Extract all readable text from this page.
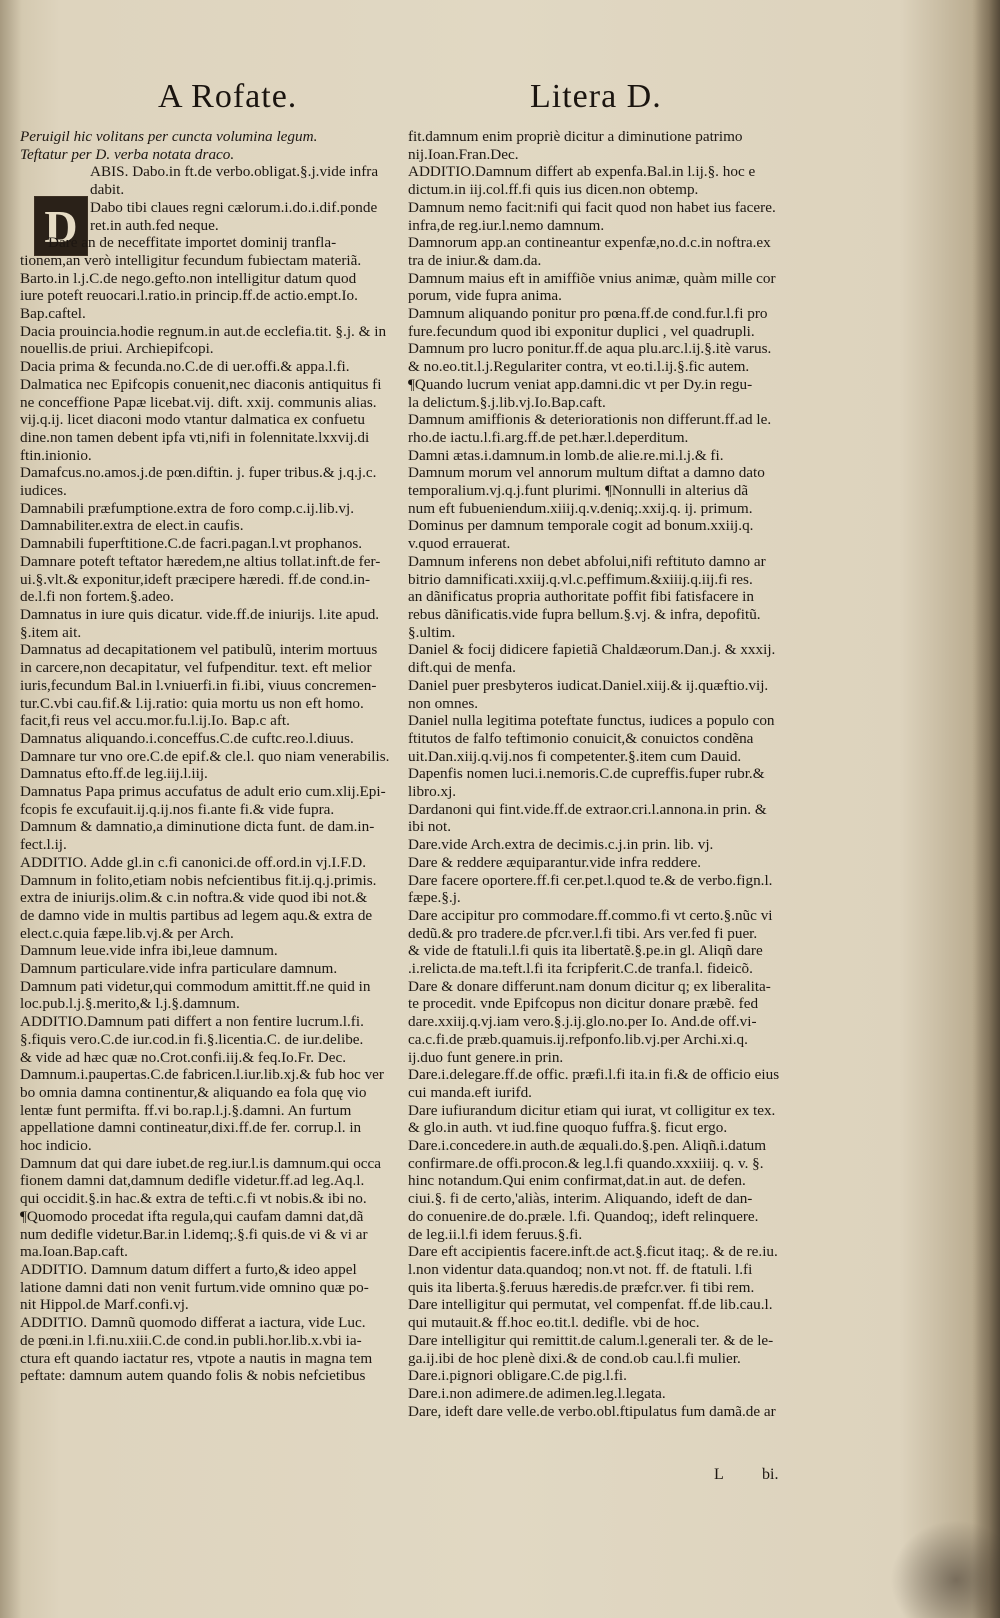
A Rofate.	Litera D.
D

Peruigil hic volitans per cuncta volumina legum.

Teftatur per D. verba notata draco.

ABIS. Dabo.in ft.de verbo.obligat.§.j.vide infra

dabit.

Dabo tibi claues regni cælorum.i.do.i.dif.ponde

ret.in auth.fed neque.

Dare an de neceffitate importet dominij tranfla-

tionem,an verò intelligitur fecundum fubiectam materiã.

Barto.in l.j.C.de nego.gefto.non intelligitur datum quod

iure poteft reuocari.l.ratio.in princip.ff.de actio.empt.Io.

Bap.caftel.

Dacia prouincia.hodie regnum.in aut.de ecclefia.tit. §.j. & in

nouellis.de priui. Archiepifcopi.

Dacia prima & fecunda.no.C.de di uer.offi.& appa.l.fi.

Dalmatica nec Epifcopis conuenit,nec diaconis antiquitus fi

ne conceffione Papæ licebat.vij. dift. xxij. communis alias.

vij.q.ij. licet diaconi modo vtantur dalmatica ex confuetu

dine.non tamen debent ipfa vti,nifi in folennitate.lxxvij.di

ftin.inionio.

Damafcus.no.amos.j.de pœn.diftin. j. fuper tribus.& j.q.j.c.

iudices.

Damnabili præfumptione.extra de foro comp.c.ij.lib.vj.

Damnabiliter.extra de elect.in caufis.

Damnabili fuperftitione.C.de facri.pagan.l.vt prophanos.

Damnare poteft teftator hæredem,ne altius tollat.inft.de fer-

ui.§.vlt.& exponitur,ideft præcipere hæredi. ff.de cond.in-

de.l.fi non fortem.§.adeo.

Damnatus in iure quis dicatur. vide.ff.de iniurijs. l.ite apud.

§.item ait.

Damnatus ad decapitationem vel patibulũ, interim mortuus

in carcere,non decapitatur, vel fufpenditur. text. eft melior

iuris,fecundum Bal.in l.vniuerfi.in fi.ibi, viuus concremen-

tur.C.vbi cau.fif.& l.ij.ratio: quia mortu us non eft homo.

facit,fi reus vel accu.mor.fu.l.ij.Io. Bap.c aft.

Damnatus aliquando.i.conceffus.C.de cuftc.reo.l.diuus.

Damnare tur vno ore.C.de epif.& cle.l. quo niam venerabilis.

Damnatus efto.ff.de leg.iij.l.iij.

Damnatus Papa primus accufatus de adult erio cum.xlij.Epi-

fcopis fe excufauit.ij.q.ij.nos fi.ante fi.& vide fupra.

Damnum & damnatio,a diminutione dicta funt. de dam.in-

fect.l.ij.

ADDITIO. Adde gl.in c.fi canonici.de off.ord.in vj.I.F.D.

Damnum in folito,etiam nobis nefcientibus fit.ij.q.j.primis.

extra de iniurijs.olim.& c.in noftra.& vide quod ibi not.&

de damno vide in multis partibus ad legem aqu.& extra de

elect.c.quia fæpe.lib.vj.& per Arch.

Damnum leue.vide infra ibi,leue damnum.

Damnum particulare.vide infra particulare damnum.

Damnum pati videtur,qui commodum amittit.ff.ne quid in

loc.pub.l.j.§.merito,& l.j.§.damnum.

ADDITIO.Damnum pati differt a non fentire lucrum.l.fi.

§.fiquis vero.C.de iur.cod.in fi.§.licentia.C. de iur.delibe.

& vide ad hæc quæ no.Crot.confi.iij.& feq.Io.Fr. Dec.

Damnum.i.paupertas.C.de fabricen.l.iur.lib.xj.& fub hoc ver

bo omnia damna continentur,& aliquando ea fola quę vio

lentæ funt permifta. ff.vi bo.rap.l.j.§.damni. An furtum

appellatione damni contineatur,dixi.ff.de fer. corrup.l. in

hoc indicio.

Damnum dat qui dare iubet.de reg.iur.l.is damnum.qui occa

fionem damni dat,damnum dedifle videtur.ff.ad leg.Aq.l.

qui occidit.§.in hac.& extra de tefti.c.fi vt nobis.& ibi no.

¶Quomodo procedat ifta regula,qui caufam damni dat,dã

num dedifle videtur.Bar.in l.idemq;.§.fi quis.de vi & vi ar

ma.Ioan.Bap.caft.

ADDITIO. Damnum datum differt a furto,& ideo appel

latione damni dati non venit furtum.vide omnino quæ po-

nit Hippol.de Marf.confi.vj.

ADDITIO. Damnũ quomodo differat a iactura, vide Luc.

de pœni.in l.fi.nu.xiii.C.de cond.in publi.hor.lib.x.vbi ia-

ctura eft quando iactatur res, vtpote a nautis in magna tem

peftate: damnum autem quando folis & nobis nefcietibus

fit.damnum enim propriè dicitur a diminutione patrimo

nij.Ioan.Fran.Dec.

ADDITIO.Damnum differt ab expenfa.Bal.in l.ij.§. hoc e

dictum.in iij.col.ff.fi quis ius dicen.non obtemp.

Damnum nemo facit:nifi qui facit quod non habet ius facere.

infra,de reg.iur.l.nemo damnum.

Damnorum app.an contineantur expenfæ,no.d.c.in noftra.ex

tra de iniur.& dam.da.

Damnum maius eft in amiffiõe vnius animæ, quàm mille cor

porum, vide fupra anima.

Damnum aliquando ponitur pro pœna.ff.de cond.fur.l.fi pro

fure.fecundum quod ibi exponitur duplici , vel quadrupli.

Damnum pro lucro ponitur.ff.de aqua plu.arc.l.ij.§.itè varus.

& no.eo.tit.l.j.Regulariter contra, vt eo.ti.l.ij.§.fic autem.

¶Quando lucrum veniat app.damni.dic vt per Dy.in regu-

la delictum.§.j.lib.vj.Io.Bap.caft.

Damnum amiffionis & deteriorationis non differunt.ff.ad le.

rho.de iactu.l.fi.arg.ff.de pet.hær.l.deperditum.

Damni ætas.i.damnum.in lomb.de alie.re.mi.l.j.& fi.

Damnum morum vel annorum multum diftat a damno dato

temporalium.vj.q.j.funt plurimi. ¶Nonnulli in alterius dã

num eft fubueniendum.xiiij.q.v.deniq;.xxij.q. ij. primum.

Dominus per damnum temporale cogit ad bonum.xxiij.q.

v.quod errauerat.

Damnum inferens non debet abfolui,nifi reftituto damno ar

bitrio damnificati.xxiij.q.vl.c.peffimum.&xiiij.q.iij.fi res.

an dãnificatus propria authoritate poffit fibi fatisfacere in

rebus dãnificatis.vide fupra bellum.§.vj. & infra, depofitũ.

§.ultim.

Daniel & focij didicere fapietiã Chaldæorum.Dan.j. & xxxij.

dift.qui de menfa.

Daniel puer presbyteros iudicat.Daniel.xiij.& ij.quæftio.vij.

non omnes.

Daniel nulla legitima poteftate functus, iudices a populo con

ftitutos de falfo teftimonio conuicit,& conuictos condẽna

uit.Dan.xiij.q.vij.nos fi competenter.§.item cum Dauid.

Dapenfis nomen luci.i.nemoris.C.de cupreffis.fuper rubr.&

libro.xj.

Dardanoni qui fint.vide.ff.de extraor.cri.l.annona.in prin. &

ibi not.

Dare.vide Arch.extra de decimis.c.j.in prin. lib. vj.

Dare & reddere æquiparantur.vide infra reddere.

Dare facere oportere.ff.fi cer.pet.l.quod te.& de verbo.fign.l.

fæpe.§.j.

Dare accipitur pro commodare.ff.commo.fi vt certo.§.nũc vi

dedũ.& pro tradere.de pfcr.ver.l.fi tibi. Ars ver.fed fi puer.

& vide de ftatuli.l.fi quis ita libertatẽ.§.pe.in gl. Aliqñ dare

.i.relicta.de ma.teft.l.fi ita fcripferit.C.de tranfa.l. fideicõ.

Dare & donare differunt.nam donum dicitur q; ex liberalita-

te procedit. vnde Epifcopus non dicitur donare præbẽ. fed

dare.xxiij.q.vj.iam vero.§.j.ij.glo.no.per Io. And.de off.vi-

ca.c.fi.de præb.quamuis.ij.refponfo.lib.vj.per Archi.xi.q.

ij.duo funt genere.in prin.

Dare.i.delegare.ff.de offic. præfi.l.fi ita.in fi.& de officio eius

cui manda.eft iurifd.

Dare iufiurandum dicitur etiam qui iurat, vt colligitur ex tex.

& glo.in auth. vt iud.fine quoquo fuffra.§. ficut ergo.

Dare.i.concedere.in auth.de æquali.do.§.pen. Aliqñ.i.datum

confirmare.de offi.procon.& leg.l.fi quando.xxxiiij. q. v. §.

hinc notandum.Qui enim confirmat,dat.in aut. de defen.

ciui.§. fi de certo,'aliàs, interim. Aliquando, ideft de dan-

do conuenire.de do.præle. l.fi. Quandoq;, ideft relinquere.

de leg.ii.l.fi idem feruus.§.fi.

Dare eft accipientis facere.inft.de act.§.ficut itaq;. & de re.iu.

l.non videntur data.quandoq; non.vt not. ff. de ftatuli. l.fi

quis ita liberta.§.feruus hæredis.de præfcr.ver. fi tibi rem.

Dare intelligitur qui permutat, vel compenfat. ff.de lib.cau.l.

qui mutauit.& ff.hoc eo.tit.l. dedifle. vbi de hoc.

Dare intelligitur qui remittit.de calum.l.generali ter. & de le-

ga.ij.ibi de hoc plenè dixi.& de cond.ob cau.l.fi mulier.

Dare.i.pignori obligare.C.de pig.l.fi.

Dare.i.non adimere.de adimen.leg.l.legata.

Dare, ideft dare velle.de verbo.obl.ftipulatus fum damã.de ar

L bi.
